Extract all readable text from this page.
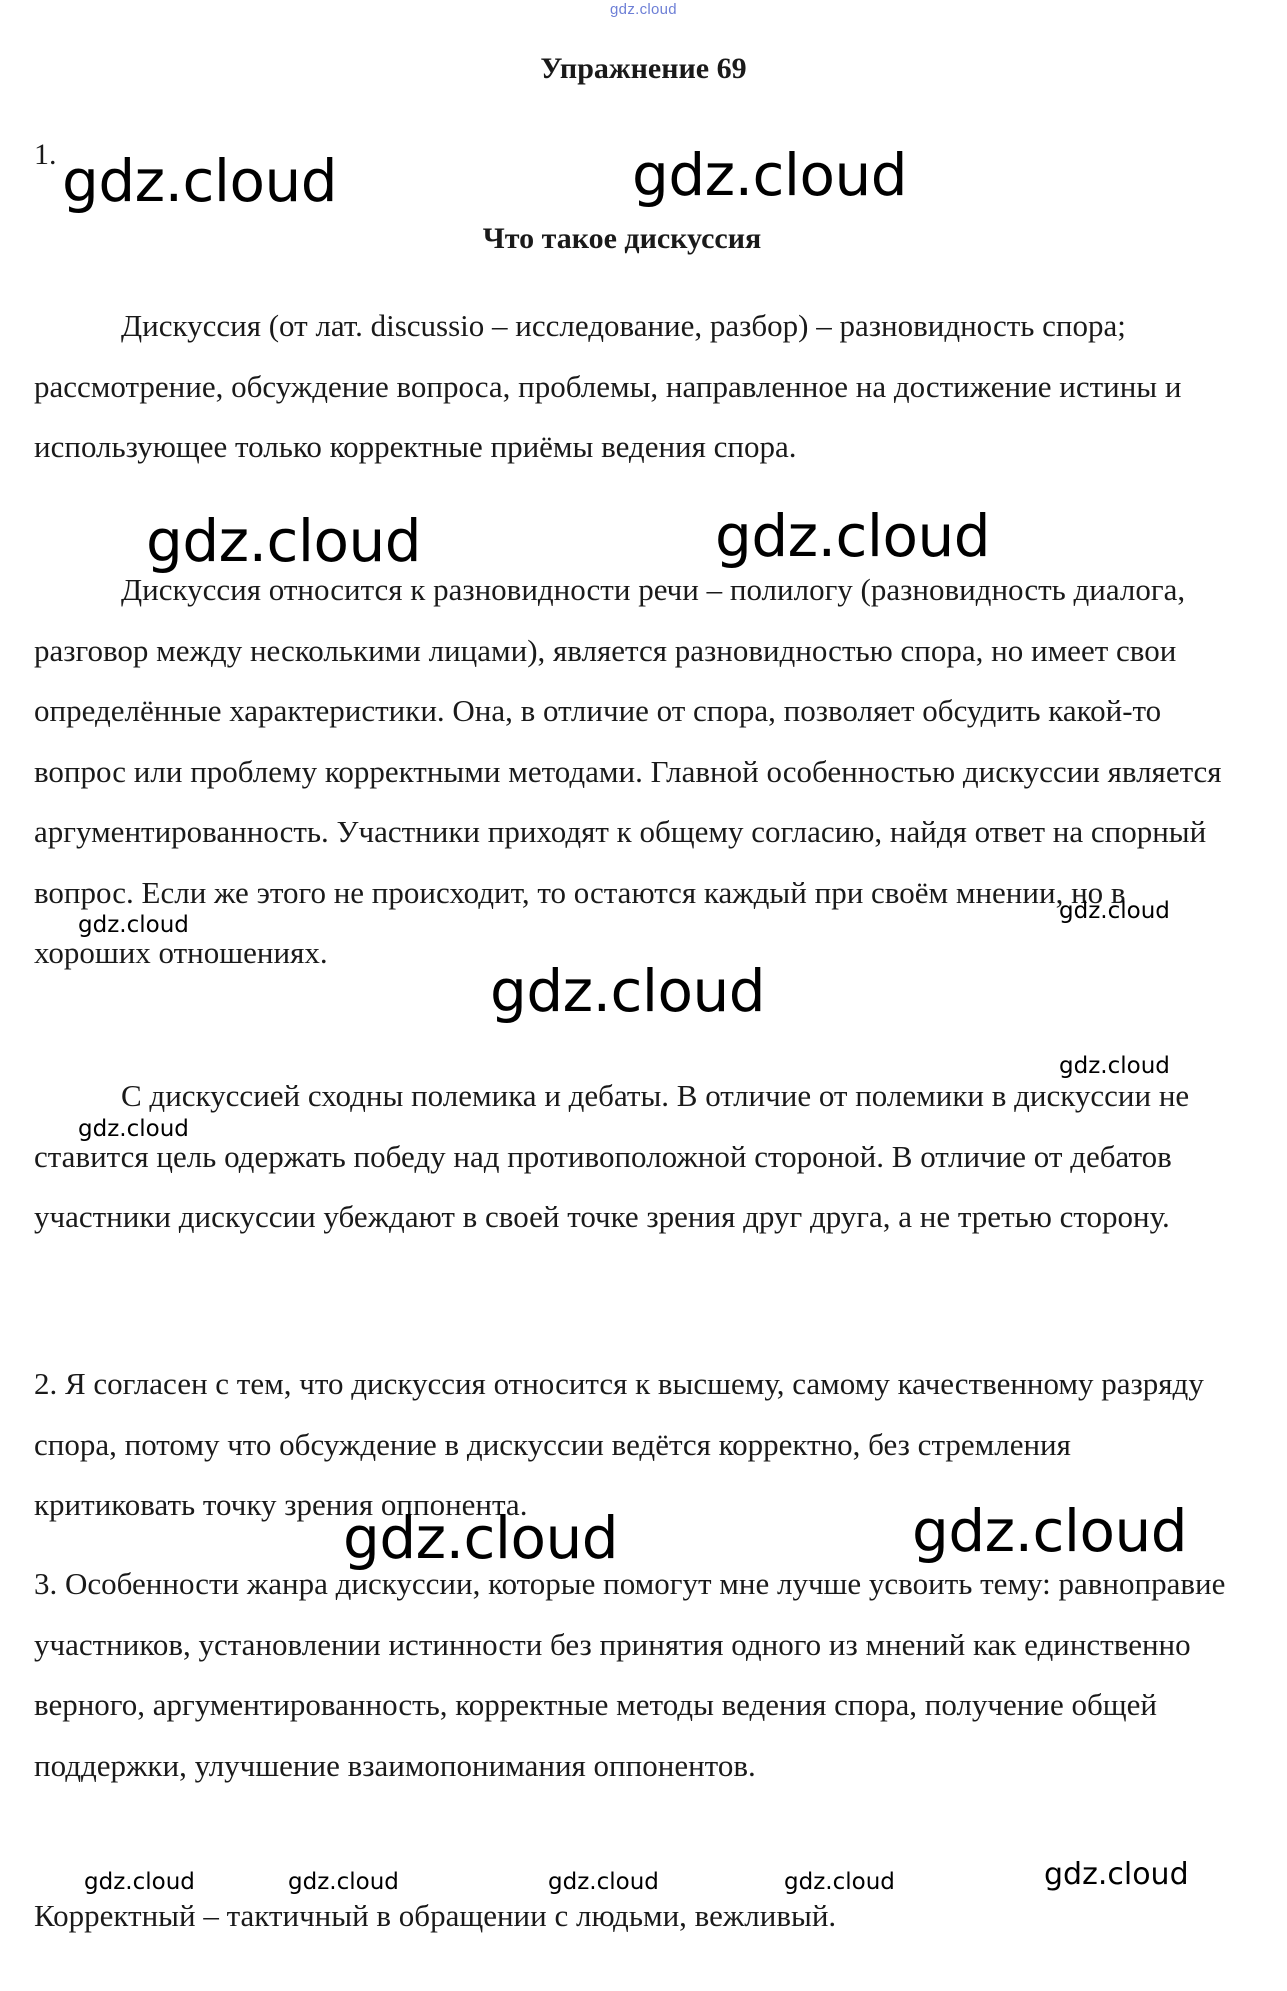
gdz.cloud
Упражнение 69
1.
Что такое дискуссия

Дискуссия (от лат. discussio – исследование, разбор) – разновидность спора; рассмотрение, обсуждение вопроса, проблемы, направленное на достижение истины и использующее только корректные приёмы ведения спора.

Дискуссия относится к разновидности речи – полилогу (разновидность диалога, разговор между несколькими лицами), является разновидностью спора, но имеет свои определённые характеристики. Она, в отличие от спора, позволяет обсудить какой-то вопрос или проблему корректными методами. Главной особенностью дискуссии является аргументированность. Участники приходят к общему согласию, найдя ответ на спорный вопрос. Если же этого не происходит, то остаются каждый при своём мнении, но в хороших отношениях.

С дискуссией сходны полемика и дебаты. В отличие от полемики в дискуссии не ставится цель одержать победу над противоположной стороной. В отличие от дебатов участники дискуссии убеждают в своей точке зрения друг друга, а не третью сторону.

2. Я согласен с тем, что дискуссия относится к высшему, самому качественному разряду спора, потому что обсуждение в дискуссии ведётся корректно, без стремления критиковать точку зрения оппонента.

3. Особенности жанра дискуссии, которые помогут мне лучше усвоить тему: равноправие участников, установлении истинности без принятия одного из мнений как единственно верного, аргументированность, корректные методы ведения спора, получение общей поддержки, улучшение взаимопонимания оппонентов.

Корректный – тактичный в обращении с людьми, вежливый.

gdz.cloud	gdz.cloud
gdz.cloud	gdz.cloud
gdz.cloud
gdz.cloud
gdz.cloud
gdz.cloud
gdz.cloud
gdz.cloud	gdz.cloud
gdz.cloud	gdz.cloud	gdz.cloud	gdz.cloud	gdz.cloud
